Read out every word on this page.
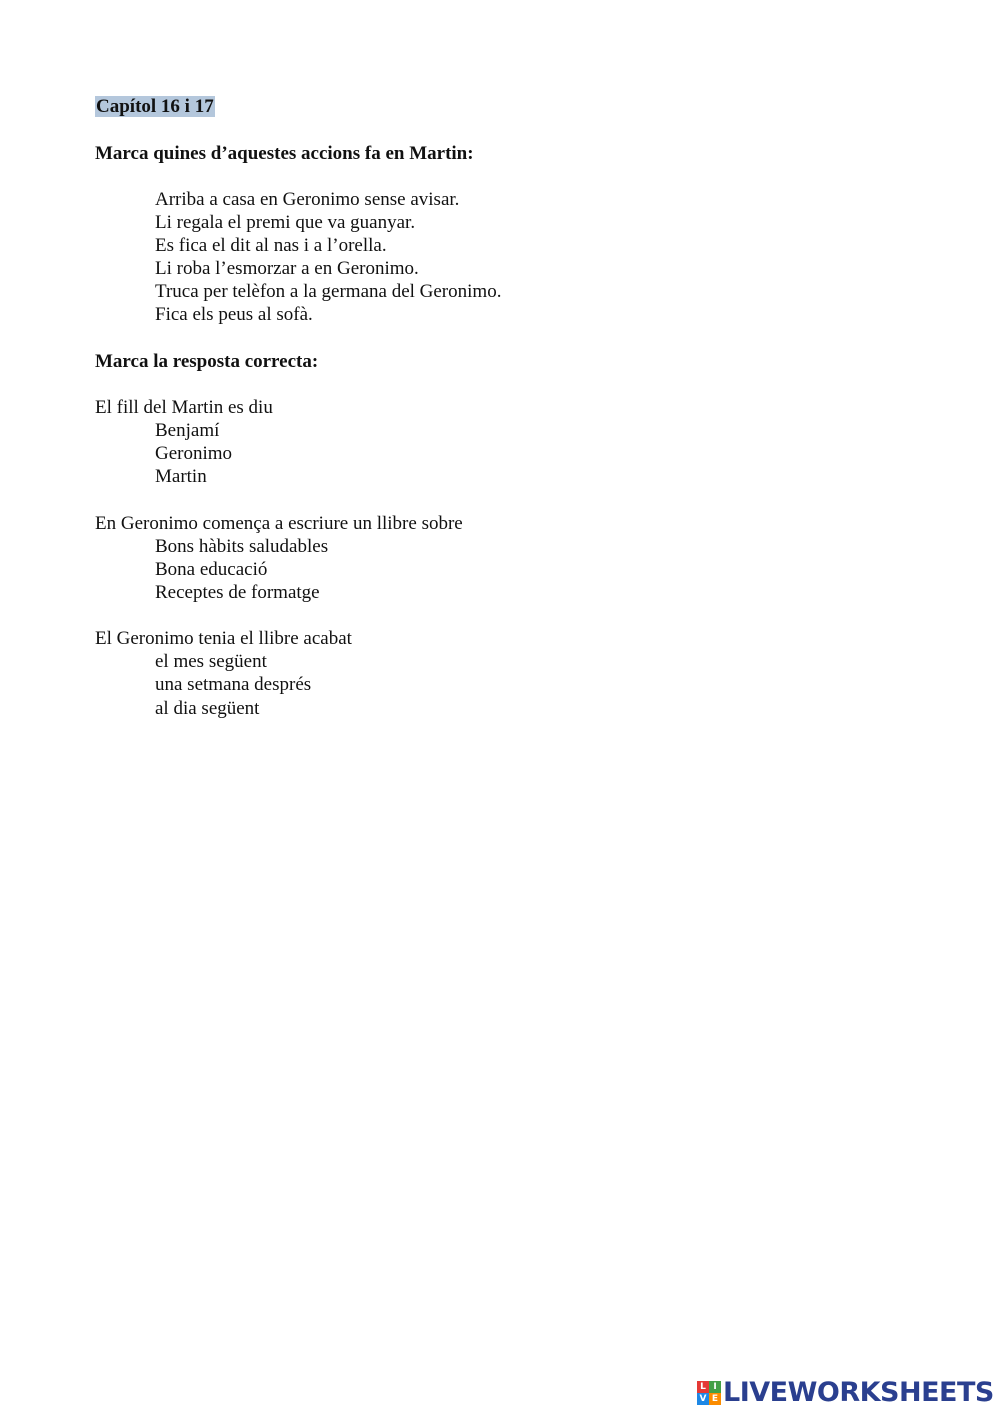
Capítol 16 i 17
Marca quines d’aquestes accions fa en Martin:
Arriba a casa en Geronimo sense avisar.
Li regala el premi que va guanyar.
Es fica el dit al nas i a l’orella.
Li roba l’esmorzar a en Geronimo.
Truca per telèfon a la germana del Geronimo.
Fica els peus al sofà.
Marca la resposta correcta:
El fill del Martin es diu
Benjamí
Geronimo
Martin
En Geronimo comença a escriure un llibre sobre
Bons hàbits saludables
Bona educació
Receptes de formatge
El Geronimo tenia el llibre acabat
el mes següent
una setmana després
al dia següent
L I
V E LIVEWORKSHEETS
